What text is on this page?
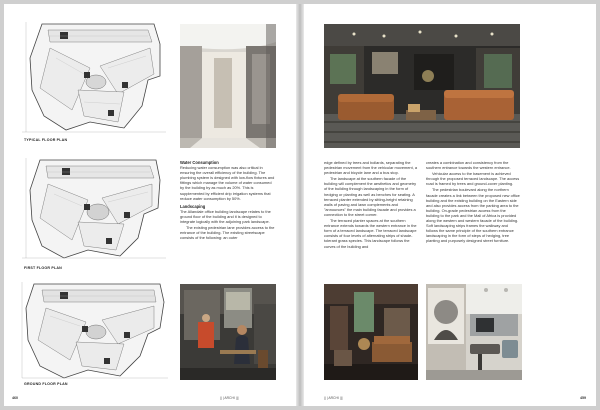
TYPICAL FLOOR PLAN
FIRST FLOOR PLAN
GROUND FLOOR PLAN
Water Consumption

Reducing water consumption was also critical in ensuring the overall efficiency of the building. The plumbing system is designed with low-flow fixtures and fittings which manage the volume of water consumed by the building by as much as 20%. This is supplemented by efficient drip irrigation systems that reduce water consumption by 50%.

Landscaping

The Allandale office building landscape relates to the ground floor of the building and it is designed to integrate logically with the adjoining park landscape.

The existing pedestrian lane provides access to the entrance of the building. The existing streetscape consists of the following: an outer

460	|| | ARCHI |||

edge defined by trees and bollards, separating the pedestrian movement from the vehicular movement, a pedestrian and bicycle lane and a bus stop.

The landscape at the southern facade of the building will complement the aesthetics and geometry of the building through landscaping in the form of hedging or planting as well as benches for seating. A terraced planter extended by sitting-height retaining walls of paving and lawn complements and "announces" the main building facade and provides a connection to the street corner.

The terraced planter spaces at the southern entrance extends towards the western entrance in the form of a terraced landscape. The terraced landscape consists of four levels of alternating strips of shade-tolerant grass species. This landscape follows the curves of the building and

creates a combination and consistency from the southern entrance towards the western entrance.

Vehicular access to the basement is achieved through the proposed terraced landscape. The access road is framed by trees and ground-cover planting.

The pedestrian boulevard along the northern facade creates a link between the proposed new office building and the existing building on the Eastern side and also provides access from the parking area to the building. On-grade pedestrian access from the building to the park and the Mall of Africa is provided along the western and western facade of the building. Soft landscaping strips frames the walkway and follows the same principle of the southern entrance landscaping in the form of steps of hedging, tree planting and purposely designed street furniture.

|| | ARCHI |||	459
